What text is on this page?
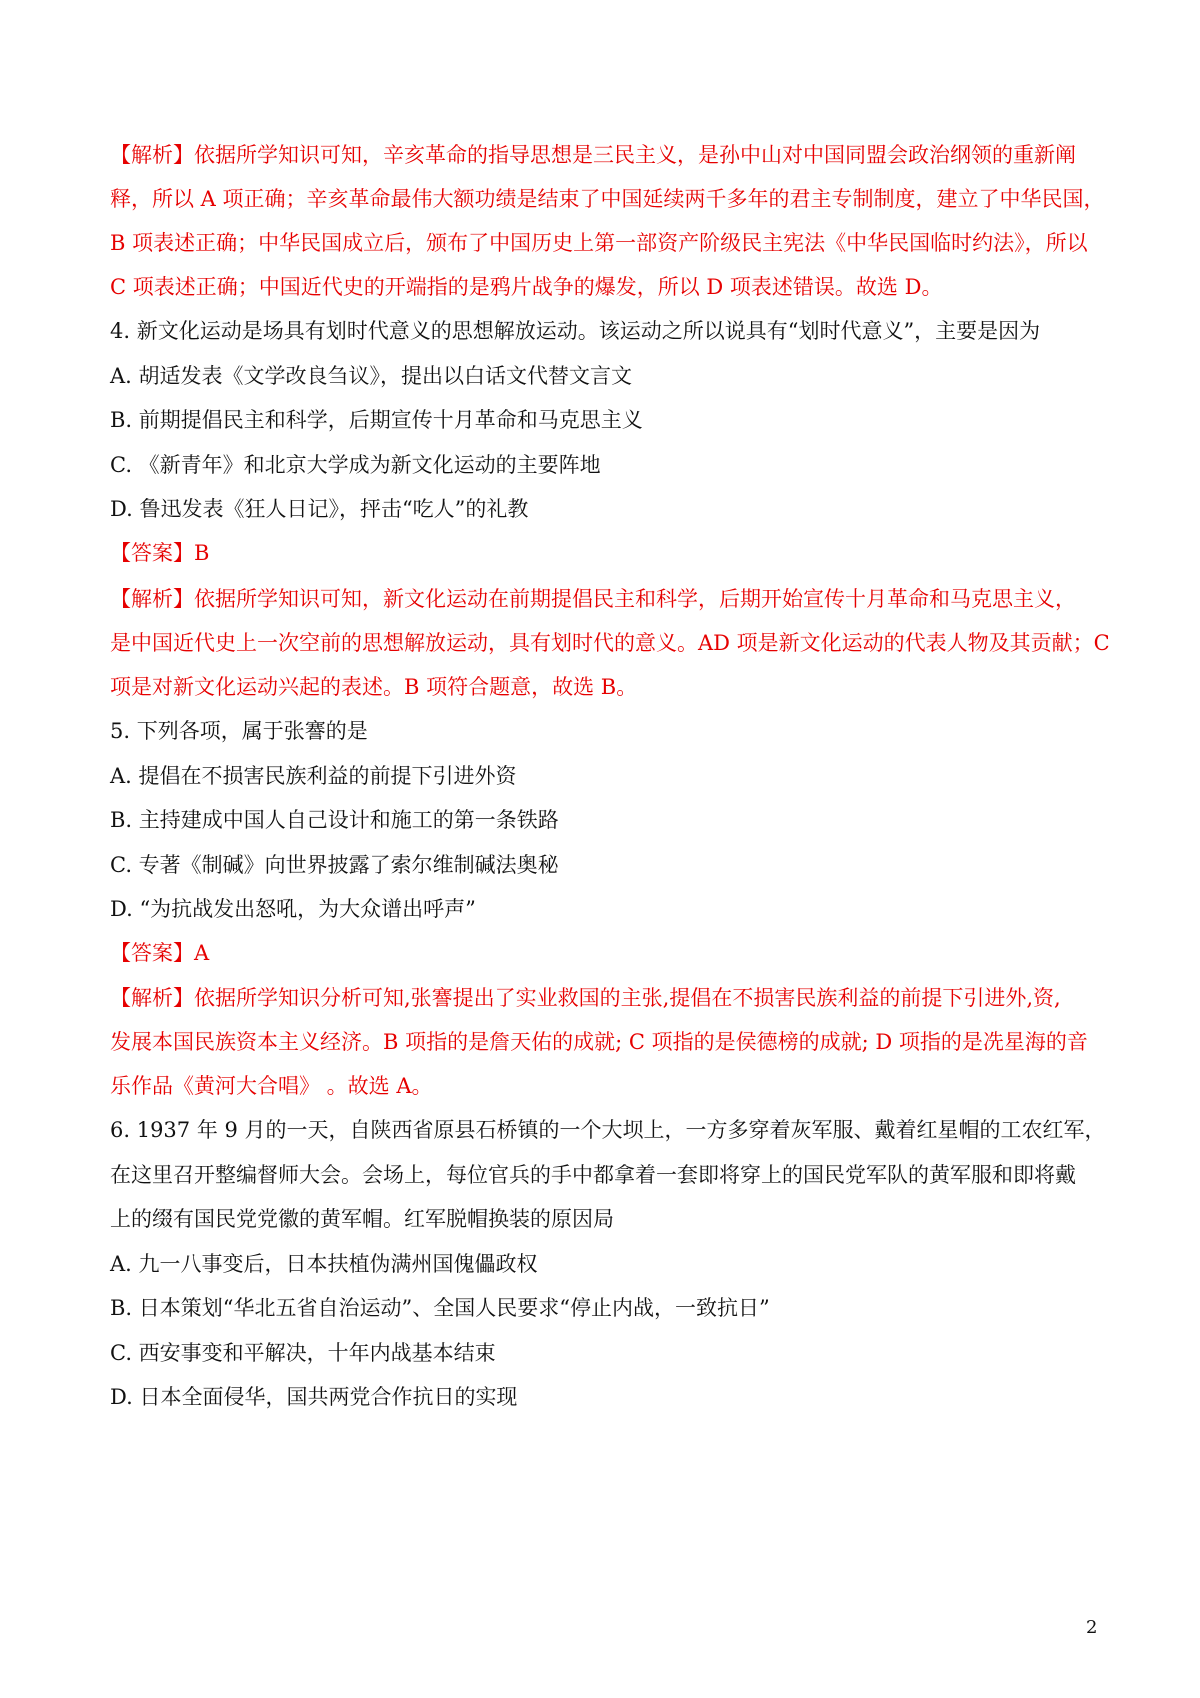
【解析】依据所学知识可知，辛亥革命的指导思想是三民主义，是孙中山对中国同盟会政治纲领的重新阐
释，所以 A 项正确；辛亥革命最伟大额功绩是结束了中国延续两千多年的君主专制制度，建立了中华民国，
B 项表述正确；中华民国成立后，颁布了中国历史上第一部资产阶级民主宪法《中华民国临时约法》，所以
C 项表述正确；中国近代史的开端指的是鸦片战争的爆发，所以 D 项表述错误。故选 D。
4. 新文化运动是场具有划时代意义的思想解放运动。该运动之所以说具有“划时代意义”，主要是因为
A. 胡适发表《文学改良刍议》，提出以白话文代替文言文
B. 前期提倡民主和科学，后期宣传十月革命和马克思主义
C. 《新青年》和北京大学成为新文化运动的主要阵地
D. 鲁迅发表《狂人日记》，抨击“吃人”的礼教
【答案】B
【解析】依据所学知识可知，新文化运动在前期提倡民主和科学，后期开始宣传十月革命和马克思主义，
是中国近代史上一次空前的思想解放运动，具有划时代的意义。AD 项是新文化运动的代表人物及其贡献；C
项是对新文化运动兴起的表述。B 项符合题意，故选 B。
5. 下列各项，属于张謇的是
A. 提倡在不损害民族利益的前提下引进外资
B. 主持建成中国人自己设计和施工的第一条铁路
C. 专著《制碱》向世界披露了索尔维制碱法奥秘
D. “为抗战发出怒吼，为大众谱出呼声”
【答案】A
【解析】依据所学知识分析可知,张謇提出了实业救国的主张,提倡在不损害民族利益的前提下引进外,资,
发展本国民族资本主义经济。B 项指的是詹天佑的成就; C 项指的是侯德榜的成就; D 项指的是冼星海的音
乐作品《黄河大合唱》 。故选 A。
6. 1937 年 9 月的一天，自陕西省原县石桥镇的一个大坝上，一方多穿着灰军服、戴着红星帽的工农红军，
在这里召开整编督师大会。会场上，每位官兵的手中都拿着一套即将穿上的国民党军队的黄军服和即将戴
上的缀有国民党党徽的黄军帽。红军脱帽换装的原因局
A. 九一八事变后，日本扶植伪满州国傀儡政权
B. 日本策划“华北五省自治运动”、全国人民要求“停止内战，一致抗日”
C. 西安事变和平解决，十年内战基本结束
D. 日本全面侵华，国共两党合作抗日的实现
2
